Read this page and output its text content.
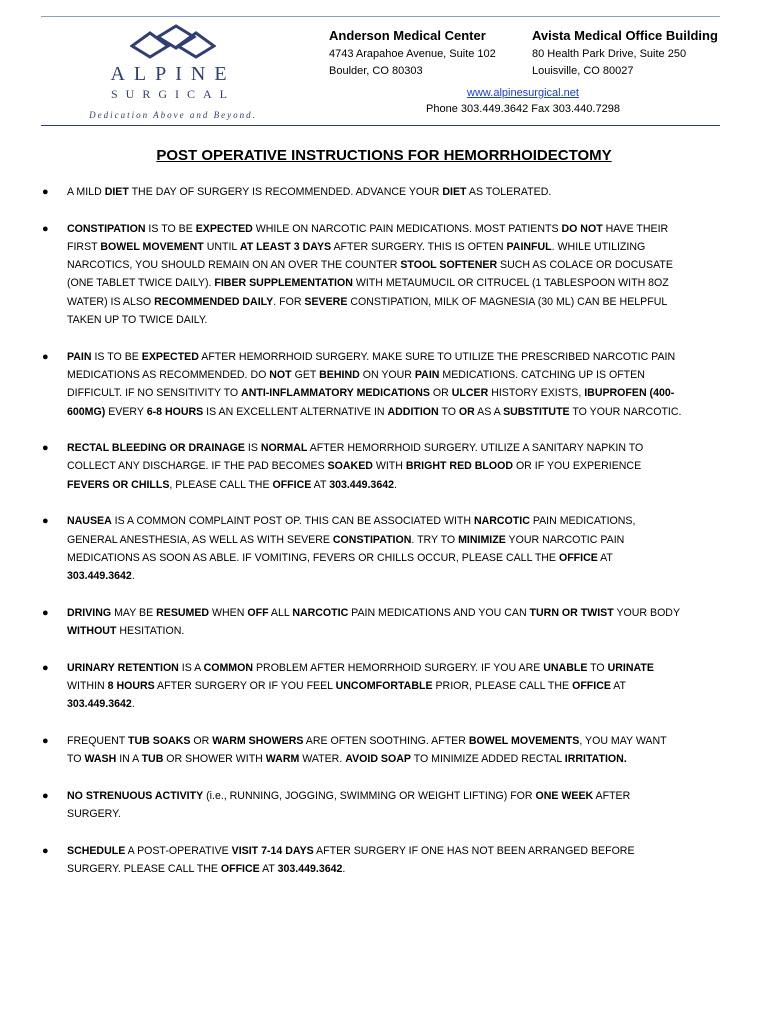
ALPINE
SURGICAL
Dedication Above and Beyond.
Anderson Medical Center
4743 Arapahoe Avenue, Suite 102
Boulder, CO 80303
Avista Medical Office Building
80 Health Park Drive, Suite 250
Louisville, CO 80027
www.alpinesurgical.net
Phone 303.449.3642 Fax 303.440.7298
POST OPERATIVE INSTRUCTIONS FOR HEMORRHOIDECTOMY
● A MILD DIET THE DAY OF SURGERY IS RECOMMENDED. ADVANCE YOUR DIET AS TOLERATED.
● CONSTIPATION IS TO BE EXPECTED WHILE ON NARCOTIC PAIN MEDICATIONS. MOST PATIENTS DO NOT HAVE THEIR FIRST BOWEL MOVEMENT UNTIL AT LEAST 3 DAYS AFTER SURGERY. THIS IS OFTEN PAINFUL. WHILE UTILIZING NARCOTICS, YOU SHOULD REMAIN ON AN OVER THE COUNTER STOOL SOFTENER SUCH AS COLACE OR DOCUSATE (ONE TABLET TWICE DAILY). FIBER SUPPLEMENTATION WITH METAUMUCIL OR CITRUCEL (1 TABLESPOON WITH 8OZ WATER) IS ALSO RECOMMENDED DAILY. FOR SEVERE CONSTIPATION, MILK OF MAGNESIA (30 ML) CAN BE HELPFUL TAKEN UP TO TWICE DAILY.
● PAIN IS TO BE EXPECTED AFTER HEMORRHOID SURGERY. MAKE SURE TO UTILIZE THE PRESCRIBED NARCOTIC PAIN MEDICATIONS AS RECOMMENDED. DO NOT GET BEHIND ON YOUR PAIN MEDICATIONS. CATCHING UP IS OFTEN DIFFICULT. IF NO SENSITIVITY TO ANTI-INFLAMMATORY MEDICATIONS OR ULCER HISTORY EXISTS, IBUPROFEN (400-600MG) EVERY 6-8 HOURS IS AN EXCELLENT ALTERNATIVE IN ADDITION TO OR AS A SUBSTITUTE TO YOUR NARCOTIC.
● RECTAL BLEEDING OR DRAINAGE IS NORMAL AFTER HEMORRHOID SURGERY. UTILIZE A SANITARY NAPKIN TO COLLECT ANY DISCHARGE. IF THE PAD BECOMES SOAKED WITH BRIGHT RED BLOOD OR IF YOU EXPERIENCE FEVERS OR CHILLS, PLEASE CALL THE OFFICE AT 303.449.3642.
● NAUSEA IS A COMMON COMPLAINT POST OP. THIS CAN BE ASSOCIATED WITH NARCOTIC PAIN MEDICATIONS, GENERAL ANESTHESIA, AS WELL AS WITH SEVERE CONSTIPATION. TRY TO MINIMIZE YOUR NARCOTIC PAIN MEDICATIONS AS SOON AS ABLE. IF VOMITING, FEVERS OR CHILLS OCCUR, PLEASE CALL THE OFFICE AT 303.449.3642.
● DRIVING MAY BE RESUMED WHEN OFF ALL NARCOTIC PAIN MEDICATIONS AND YOU CAN TURN OR TWIST YOUR BODY WITHOUT HESITATION.
● URINARY RETENTION IS A COMMON PROBLEM AFTER HEMORRHOID SURGERY. IF YOU ARE UNABLE TO URINATE WITHIN 8 HOURS AFTER SURGERY OR IF YOU FEEL UNCOMFORTABLE PRIOR, PLEASE CALL THE OFFICE AT 303.449.3642.
● FREQUENT TUB SOAKS OR WARM SHOWERS ARE OFTEN SOOTHING. AFTER BOWEL MOVEMENTS, YOU MAY WANT TO WASH IN A TUB OR SHOWER WITH WARM WATER. AVOID SOAP TO MINIMIZE ADDED RECTAL IRRITATION.
● NO STRENUOUS ACTIVITY (i.e., RUNNING, JOGGING, SWIMMING OR WEIGHT LIFTING) FOR ONE WEEK AFTER SURGERY.
● SCHEDULE A POST-OPERATIVE VISIT 7-14 DAYS AFTER SURGERY IF ONE HAS NOT BEEN ARRANGED BEFORE SURGERY. PLEASE CALL THE OFFICE AT 303.449.3642.
